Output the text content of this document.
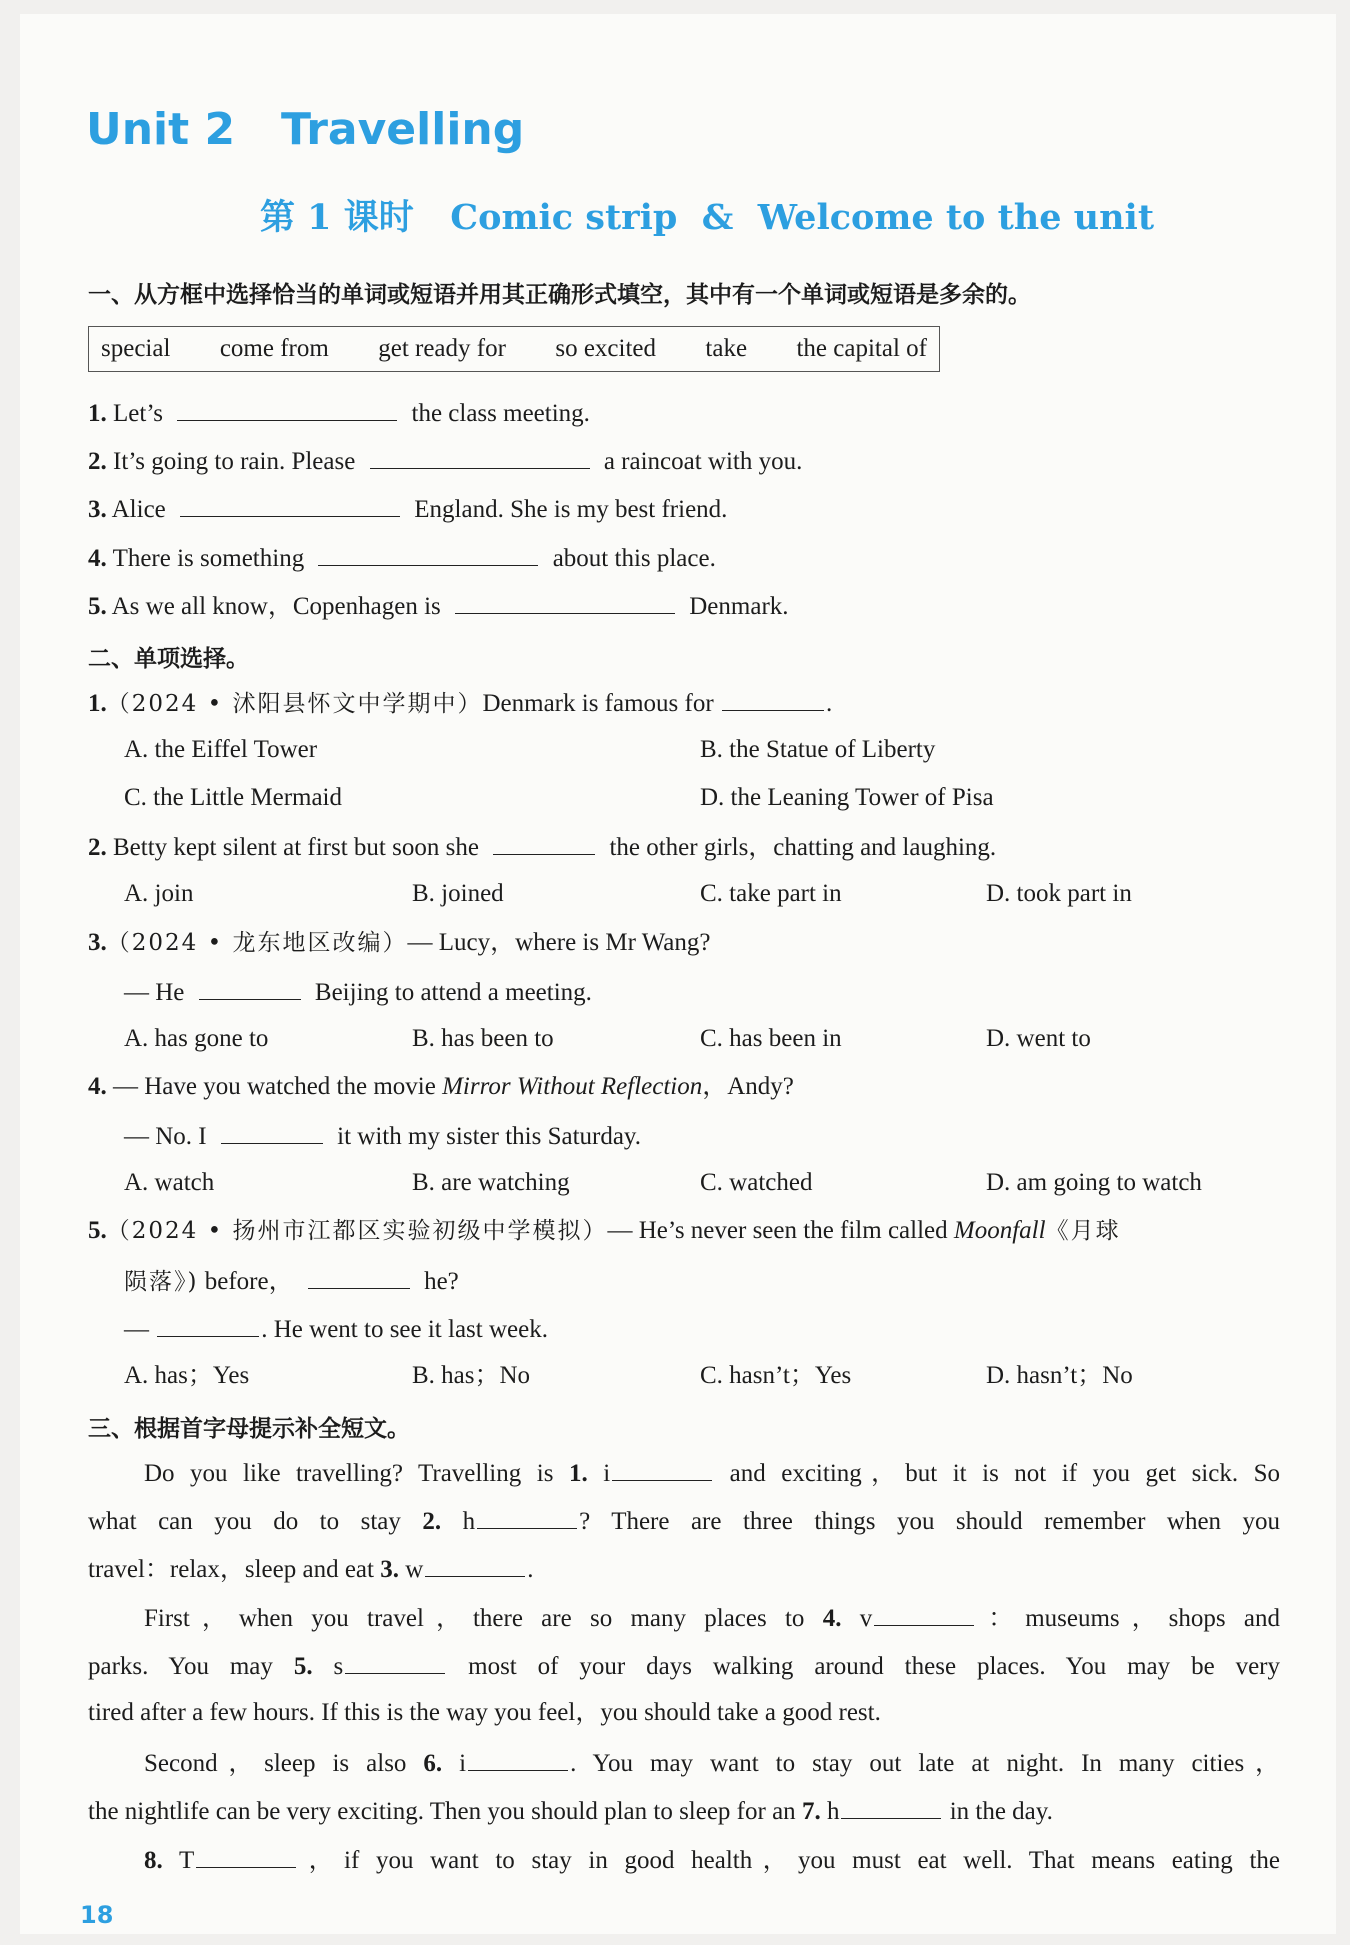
Unit 2   Travelling
第 1 课时   Comic strip  &  Welcome to the unit
一、从方框中选择恰当的单词或短语并用其正确形式填空，其中有一个单词或短语是多余的。
special come from get ready for so excited take the capital of
1. Let’s	the class meeting.
2. It’s going to rain. Please	a raincoat with you.
3. Alice	England. She is my best friend.
4. There is something	about this place.
5. As we all know，Copenhagen is	Denmark.
二、单项选择。
1.（2024 • 沭阳县怀文中学期中）Denmark is famous for	.
A. the Eiffel Tower	B. the Statue of Liberty
C. the Little Mermaid	D. the Leaning Tower of Pisa
2. Betty kept silent at first but soon she	the other girls，chatting and laughing.
A. join	B. joined	C. take part in	D. took part in
3.（2024 • 龙东地区改编）— Lucy，where is Mr Wang?
— He	Beijing to attend a meeting.
A. has gone to	B. has been to	C. has been in	D. went to
4. — Have you watched the movie Mirror Without Reflection，Andy?
— No. I	it with my sister this Saturday.
A. watch	B. are watching	C. watched	D. am going to watch
5.（2024 • 扬州市江都区实验初级中学模拟）— He’s never seen the film called Moonfall《月球
陨落》) before，	he?
—	. He went to see it last week.
A. has；Yes	B. has；No	C. hasn’t；Yes	D. hasn’t；No
三、根据首字母提示补全短文。
Do you like travelling? Travelling is 1. i	and exciting，but it is not if you get sick. So
what can you do to stay 2. h	? There are three things you should remember when you
travel：relax，sleep and eat 3. w	.
First，when you travel，there are so many places to 4. v	：museums，shops and
parks. You may 5. s	most of your days walking around these places. You may be very
tired after a few hours. If this is the way you feel，you should take a good rest.
Second，sleep is also 6. i	. You may want to stay out late at night. In many cities，
the nightlife can be very exciting. Then you should plan to sleep for an 7. h	in the day.
8. T	，if you want to stay in good health，you must eat well. That means eating the
18
